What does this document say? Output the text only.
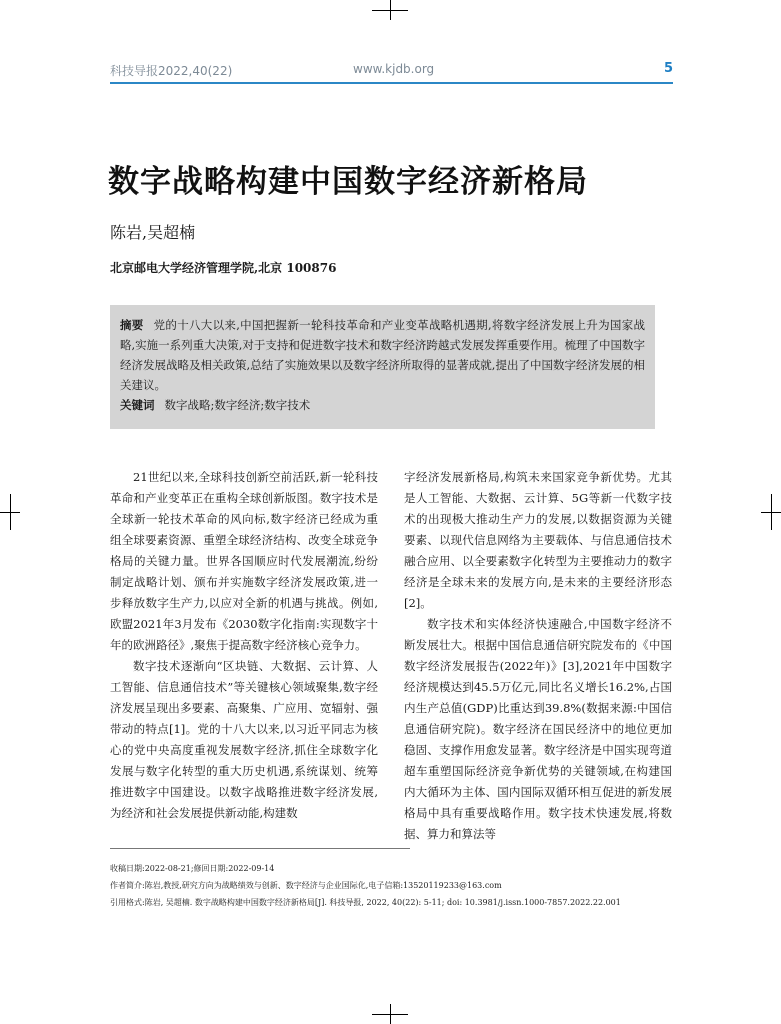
科技导报2022,40(22)	www.kjdb.org	5
数字战略构建中国数字经济新格局
陈岩,吴超楠
北京邮电大学经济管理学院,北京 100876
摘要 党的十八大以来,中国把握新一轮科技革命和产业变革战略机遇期,将数字经济发展上升为国家战略,实施一系列重大决策,对于支持和促进数字技术和数字经济跨越式发展发挥重要作用。梳理了中国数字经济发展战略及相关政策,总结了实施效果以及数字经济所取得的显著成就,提出了中国数字经济发展的相关建议。
关键词 数字战略;数字经济;数字技术

21世纪以来,全球科技创新空前活跃,新一轮科技革命和产业变革正在重构全球创新版图。数字技术是全球新一轮技术革命的风向标,数字经济已经成为重组全球要素资源、重塑全球经济结构、改变全球竞争格局的关键力量。世界各国顺应时代发展潮流,纷纷制定战略计划、颁布并实施数字经济发展政策,进一步释放数字生产力,以应对全新的机遇与挑战。例如,欧盟2021年3月发布《2030数字化指南:实现数字十年的欧洲路径》,聚焦于提高数字经济核心竞争力。

数字技术逐渐向“区块链、大数据、云计算、人工智能、信息通信技术”等关键核心领域聚集,数字经济发展呈现出多要素、高聚集、广应用、宽辐射、强带动的特点[1]。党的十八大以来,以习近平同志为核心的党中央高度重视发展数字经济,抓住全球数字化发展与数字化转型的重大历史机遇,系统谋划、统筹推进数字中国建设。以数字战略推进数字经济发展,为经济和社会发展提供新动能,构建数

字经济发展新格局,构筑未来国家竞争新优势。尤其是人工智能、大数据、云计算、5G等新一代数字技术的出现极大推动生产力的发展,以数据资源为关键要素、以现代信息网络为主要载体、与信息通信技术融合应用、以全要素数字化转型为主要推动力的数字经济是全球未来的发展方向,是未来的主要经济形态[2]。

数字技术和实体经济快速融合,中国数字经济不断发展壮大。根据中国信息通信研究院发布的《中国数字经济发展报告(2022年)》[3],2021年中国数字经济规模达到45.5万亿元,同比名义增长16.2%,占国内生产总值(GDP)比重达到39.8%(数据来源:中国信息通信研究院)。数字经济在国民经济中的地位更加稳固、支撑作用愈发显著。数字经济是中国实现弯道超车重塑国际经济竞争新优势的关键领域,在构建国内大循环为主体、国内国际双循环相互促进的新发展格局中具有重要战略作用。数字技术快速发展,将数据、算力和算法等

收稿日期:2022-08-21;修回日期:2022-09-14
作者简介:陈岩,教授,研究方向为战略绩效与创新、数字经济与企业国际化,电子信箱:13520119233@163.com
引用格式:陈岩, 吴超楠. 数字战略构建中国数字经济新格局[J]. 科技导报, 2022, 40(22): 5-11; doi: 10.3981/j.issn.1000-7857.2022.22.001
